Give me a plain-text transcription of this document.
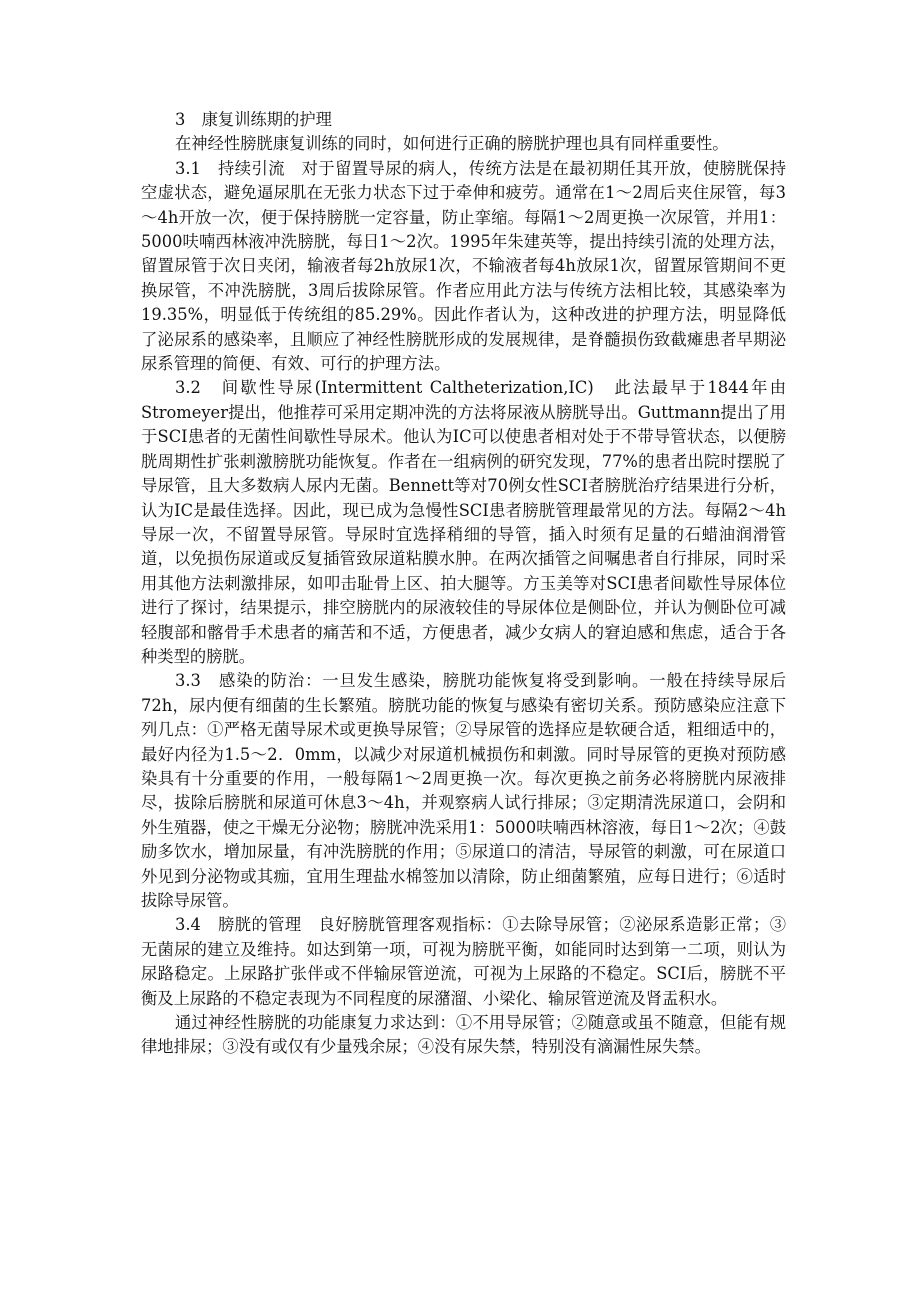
3　康复训练期的护理

在神经性膀胱康复训练的同时，如何进行正确的膀胱护理也具有同样重要性。

3.1　持续引流　对于留置导尿的病人，传统方法是在最初期任其开放，使膀胱保持空虚状态，避免逼尿肌在无张力状态下过于牵伸和疲劳。通常在1～2周后夹住尿管，每3～4h开放一次，便于保持膀胱一定容量，防止挛缩。每隔1～2周更换一次尿管，并用1：5000呋喃西林液冲洗膀胱，每日1～2次。1995年朱建英等，提出持续引流的处理方法，留置尿管于次日夹闭，输液者每2h放尿1次，不输液者每4h放尿1次，留置尿管期间不更换尿管，不冲洗膀胱，3周后拔除尿管。作者应用此方法与传统方法相比较，其感染率为19.35%，明显低于传统组的85.29%。因此作者认为，这种改进的护理方法，明显降低了泌尿系的感染率，且顺应了神经性膀胱形成的发展规律，是脊髓损伤致截瘫患者早期泌尿系管理的简便、有效、可行的护理方法。

3.2　间歇性导尿(Intermittent Caltheterization,IC)　此法最早于1844年由Stromeyer提出，他推荐可采用定期冲洗的方法将尿液从膀胱导出。Guttmann提出了用于SCI患者的无菌性间歇性导尿术。他认为IC可以使患者相对处于不带导管状态，以便膀胱周期性扩张刺激膀胱功能恢复。作者在一组病例的研究发现，77%的患者出院时摆脱了导尿管，且大多数病人尿内无菌。Bennett等对70例女性SCI者膀胱治疗结果进行分析，认为IC是最佳选择。因此，现已成为急慢性SCI患者膀胱管理最常见的方法。每隔2～4h导尿一次，不留置导尿管。导尿时宜选择稍细的导管，插入时须有足量的石蜡油润滑管道，以免损伤尿道或反复插管致尿道粘膜水肿。在两次插管之间嘱患者自行排尿，同时采用其他方法刺激排尿，如叩击耻骨上区、拍大腿等。方玉美等对SCI患者间歇性导尿体位进行了探讨，结果提示，排空膀胱内的尿液较佳的导尿体位是侧卧位，并认为侧卧位可减轻腹部和髂骨手术患者的痛苦和不适，方便患者，减少女病人的窘迫感和焦虑，适合于各种类型的膀胱。

3.3　感染的防治：一旦发生感染，膀胱功能恢复将受到影响。一般在持续导尿后72h，尿内便有细菌的生长繁殖。膀胱功能的恢复与感染有密切关系。预防感染应注意下列几点：①严格无菌导尿术或更换导尿管；②导尿管的选择应是软硬合适，粗细适中的，最好内径为1.5～2．0mm，以减少对尿道机械损伤和刺激。同时导尿管的更换对预防感染具有十分重要的作用，一般每隔1～2周更换一次。每次更换之前务必将膀胱内尿液排尽，拔除后膀胱和尿道可休息3～4h，并观察病人试行排尿；③定期清洗尿道口，会阴和外生殖器，使之干燥无分泌物；膀胱冲洗采用1：5000呋喃西林溶液，每日1～2次；④鼓励多饮水，增加尿量，有冲洗膀胱的作用；⑤尿道口的清洁，导尿管的刺激，可在尿道口外见到分泌物或其痂，宜用生理盐水棉签加以清除，防止细菌繁殖，应每日进行；⑥适时拔除导尿管。

3.4　膀胱的管理　良好膀胱管理客观指标：①去除导尿管；②泌尿系造影正常；③无菌尿的建立及维持。如达到第一项，可视为膀胱平衡，如能同时达到第一二项，则认为尿路稳定。上尿路扩张伴或不伴输尿管逆流，可视为上尿路的不稳定。SCI后，膀胱不平衡及上尿路的不稳定表现为不同程度的尿潴溜、小梁化、输尿管逆流及肾盂积水。

通过神经性膀胱的功能康复力求达到：①不用导尿管；②随意或虽不随意，但能有规律地排尿；③没有或仅有少量残余尿；④没有尿失禁，特别没有滴漏性尿失禁。
